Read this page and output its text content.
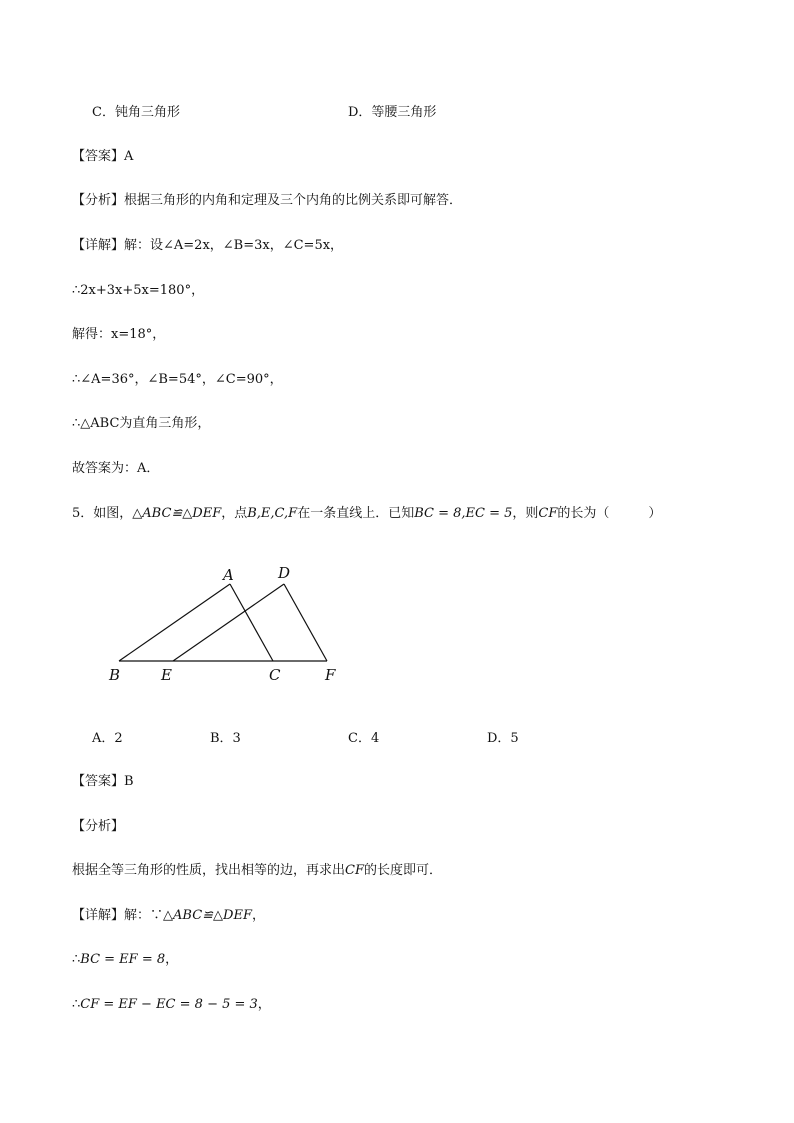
C．钝角三角形	D．等腰三角形
【答案】A
【分析】根据三角形的内角和定理及三个内角的比例关系即可解答．
【详解】解：设∠A=2x，∠B=3x，∠C=5x，
∴2x+3x+5x=180°，
解得：x=18°，
∴∠A=36°，∠B=54°，∠C=90°，
∴△ABC为直角三角形，
故答案为：A．
5．如图，△ABC≌△DEF，点B,E,C,F在一条直线上．已知BC = 8,EC = 5，则CF的长为（　　　）
A	D
B	E	C	F
A．2	B．3	C．4	D．5
【答案】B
【分析】
根据全等三角形的性质，找出相等的边，再求出CF的长度即可．
【详解】解：∵△ABC≌△DEF，
∴BC = EF = 8，
∴CF = EF − EC = 8 − 5 = 3，
